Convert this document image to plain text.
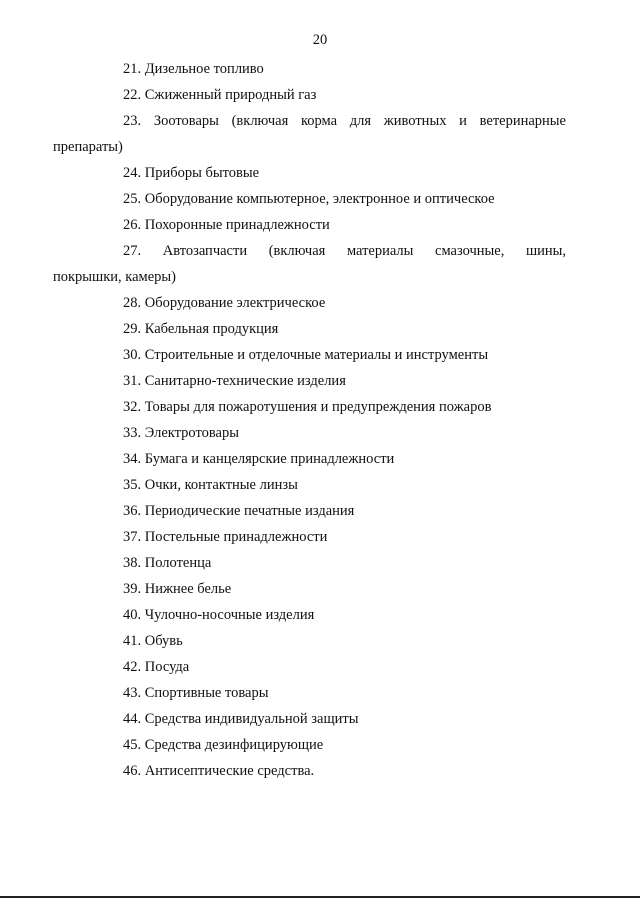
20
21. Дизельное топливо
22. Сжиженный природный газ
23. Зоотовары (включая корма для животных и ветеринарные
препараты)
24. Приборы бытовые
25. Оборудование компьютерное, электронное и оптическое
26. Похоронные принадлежности
27. Автозапчасти (включая материалы смазочные, шины,
покрышки, камеры)
28. Оборудование электрическое
29. Кабельная продукция
30. Строительные и отделочные материалы и инструменты
31. Санитарно-технические изделия
32. Товары для пожаротушения и предупреждения пожаров
33. Электротовары
34. Бумага и канцелярские принадлежности
35. Очки, контактные линзы
36. Периодические печатные издания
37. Постельные принадлежности
38. Полотенца
39. Нижнее белье
40. Чулочно-носочные изделия
41. Обувь
42. Посуда
43. Спортивные товары
44. Средства индивидуальной защиты
45. Средства дезинфицирующие
46. Антисептические средства.
